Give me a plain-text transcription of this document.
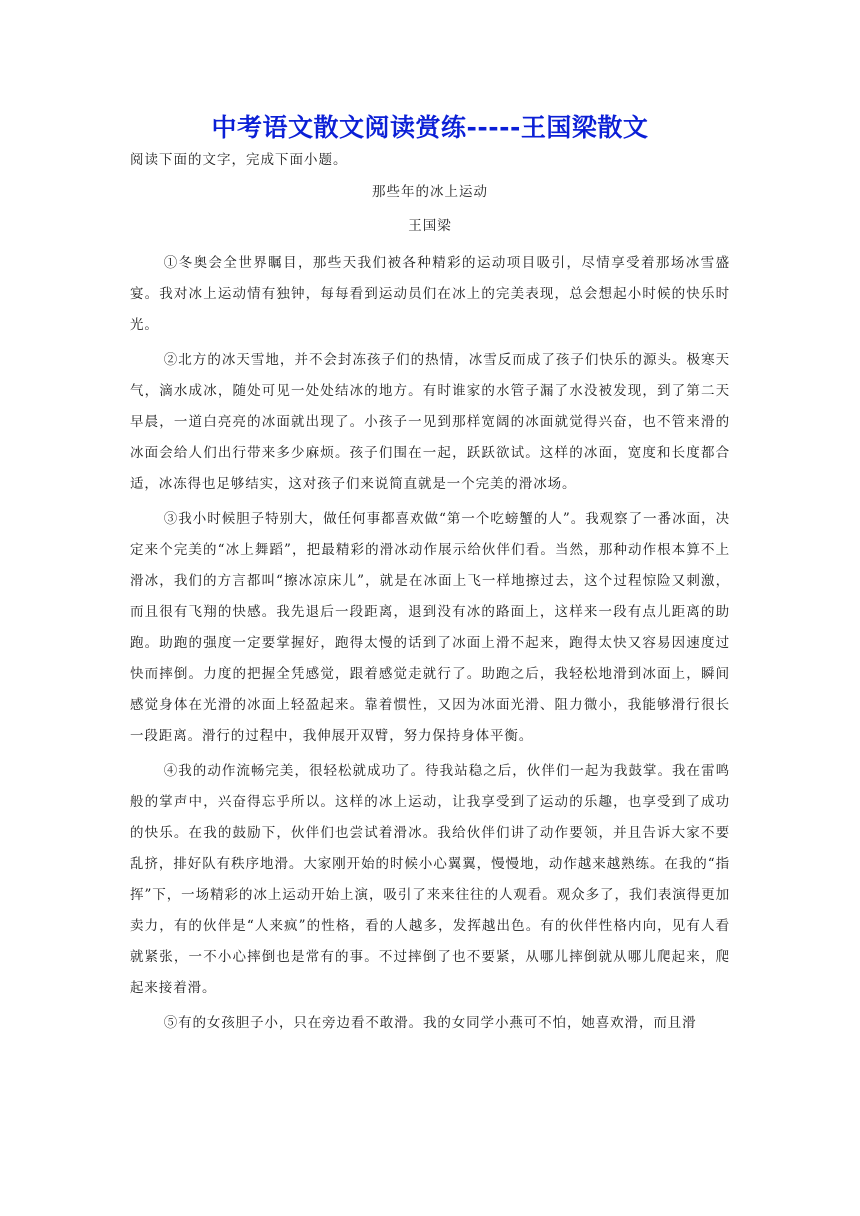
中考语文散文阅读赏练-----王国梁散文

阅读下面的文字，完成下面小题。

那些年的冰上运动

王国梁

①冬奥会全世界瞩目，那些天我们被各种精彩的运动项目吸引，尽情享受着那场冰雪盛宴。我对冰上运动情有独钟，每每看到运动员们在冰上的完美表现，总会想起小时候的快乐时光。

②北方的冰天雪地，并不会封冻孩子们的热情，冰雪反而成了孩子们快乐的源头。极寒天气，滴水成冰，随处可见一处处结冰的地方。有时谁家的水管子漏了水没被发现，到了第二天早晨，一道白亮亮的冰面就出现了。小孩子一见到那样宽阔的冰面就觉得兴奋，也不管来滑的冰面会给人们出行带来多少麻烦。孩子们围在一起，跃跃欲试。这样的冰面，宽度和长度都合适，冰冻得也足够结实，这对孩子们来说简直就是一个完美的滑冰场。

③我小时候胆子特别大，做任何事都喜欢做“第一个吃螃蟹的人”。我观察了一番冰面，决定来个完美的“冰上舞蹈”，把最精彩的滑冰动作展示给伙伴们看。当然，那种动作根本算不上滑冰，我们的方言都叫“擦冰凉床儿”，就是在冰面上飞一样地擦过去，这个过程惊险又刺激，而且很有飞翔的快感。我先退后一段距离，退到没有冰的路面上，这样来一段有点儿距离的助跑。助跑的强度一定要掌握好，跑得太慢的话到了冰面上滑不起来，跑得太快又容易因速度过快而摔倒。力度的把握全凭感觉，跟着感觉走就行了。助跑之后，我轻松地滑到冰面上，瞬间感觉身体在光滑的冰面上轻盈起来。靠着惯性，又因为冰面光滑、阻力微小，我能够滑行很长一段距离。滑行的过程中，我伸展开双臂，努力保持身体平衡。

④我的动作流畅完美，很轻松就成功了。待我站稳之后，伙伴们一起为我鼓掌。我在雷鸣般的掌声中，兴奋得忘乎所以。这样的冰上运动，让我享受到了运动的乐趣，也享受到了成功的快乐。在我的鼓励下，伙伴们也尝试着滑冰。我给伙伴们讲了动作要领，并且告诉大家不要乱挤，排好队有秩序地滑。大家刚开始的时候小心翼翼，慢慢地，动作越来越熟练。在我的“指挥”下，一场精彩的冰上运动开始上演，吸引了来来往往的人观看。观众多了，我们表演得更加卖力，有的伙伴是“人来疯”的性格，看的人越多，发挥越出色。有的伙伴性格内向，见有人看就紧张，一不小心摔倒也是常有的事。不过摔倒了也不要紧，从哪儿摔倒就从哪儿爬起来，爬起来接着滑。

⑤有的女孩胆子小，只在旁边看不敢滑。我的女同学小燕可不怕，她喜欢滑，而且滑
